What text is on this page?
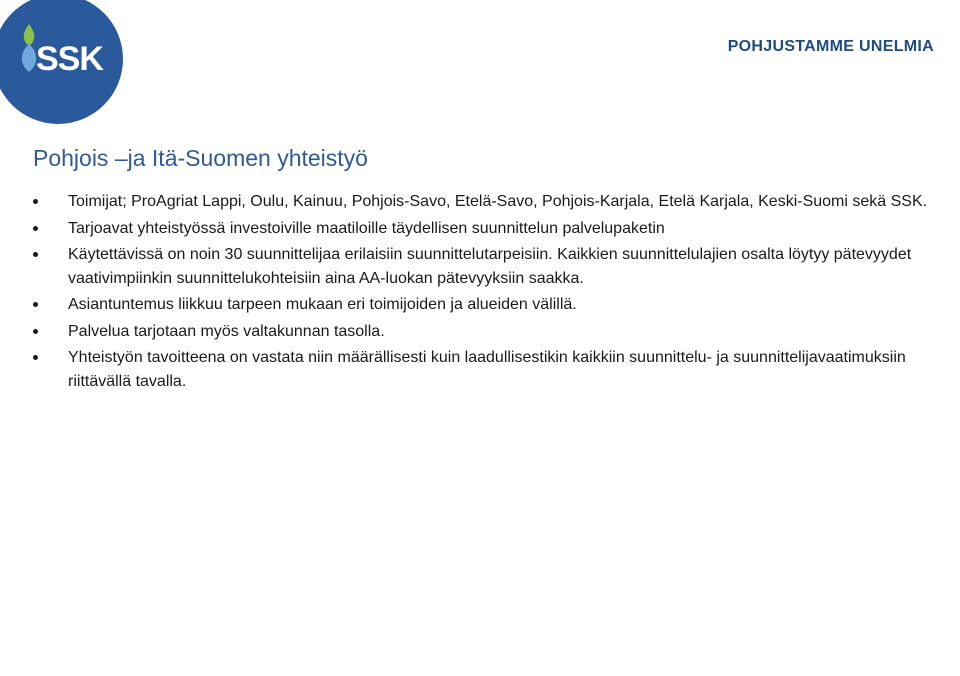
SSK	POHJUSTAMME UNELMIA
Pohjois –ja Itä-Suomen yhteistyö
Toimijat; ProAgriat Lappi, Oulu, Kainuu, Pohjois-Savo, Etelä-Savo, Pohjois-Karjala, Etelä Karjala, Keski-Suomi sekä SSK.
Tarjoavat yhteistyössä investoiville maatiloille täydellisen suunnittelun palvelupaketin
Käytettävissä on noin 30 suunnittelijaa erilaisiin suunnittelutarpeisiin. Kaikkien suunnittelulajien osalta löytyy pätevyydet vaativimpiinkin suunnittelukohteisiin aina AA-luokan pätevyyksiin saakka.
Asiantuntemus liikkuu tarpeen mukaan eri toimijoiden ja alueiden välillä.
Palvelua tarjotaan myös valtakunnan tasolla.
Yhteistyön tavoitteena on vastata niin määrällisesti kuin laadullisestikin kaikkiin suunnittelu- ja suunnittelijavaatimuksiin riittävällä tavalla.
